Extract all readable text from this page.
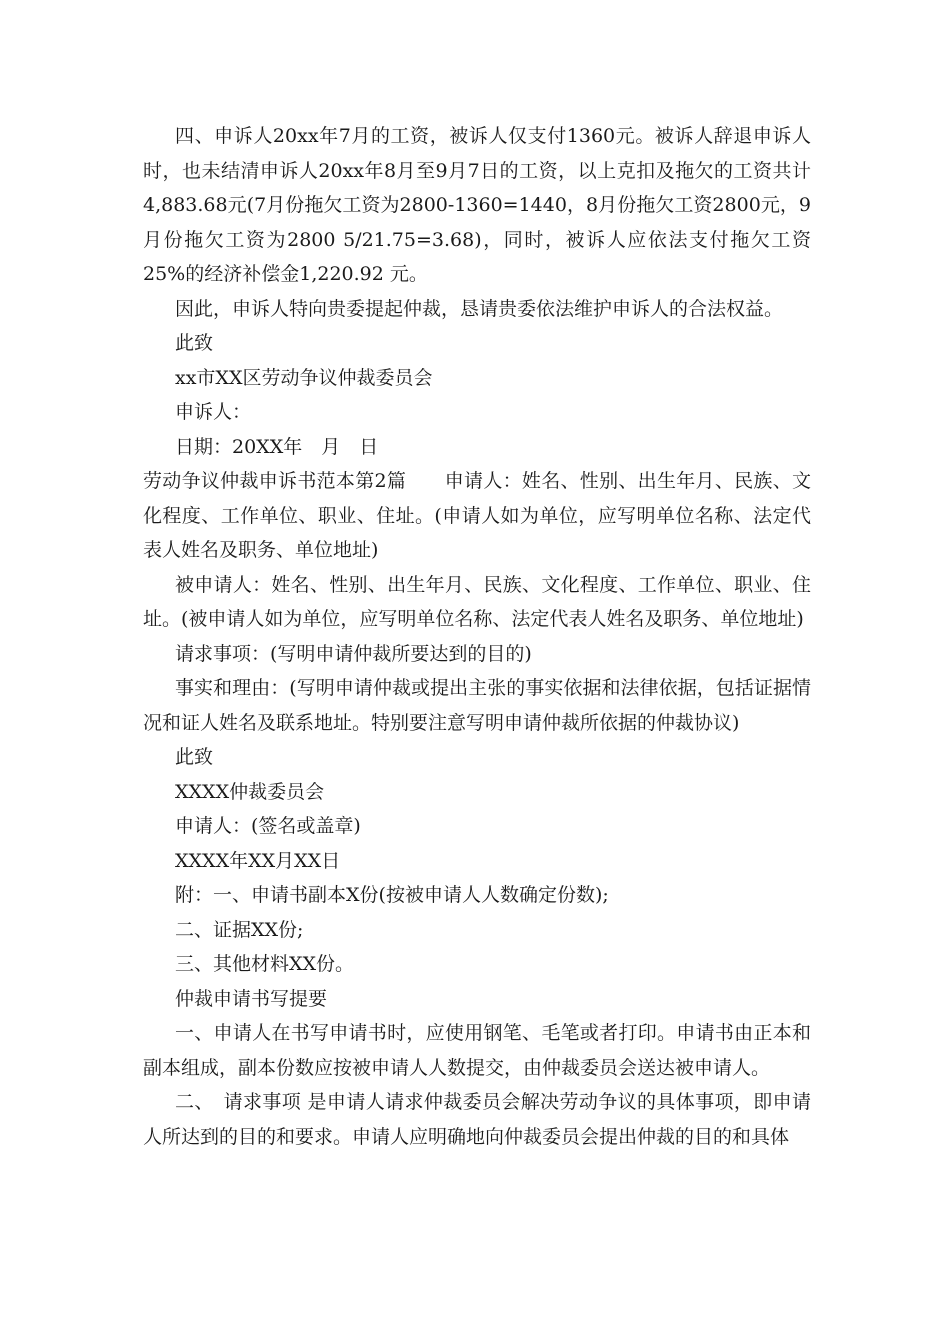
四、申诉人20xx年7月的工资，被诉人仅支付1360元。被诉人辞退申诉人时，也未结清申诉人20xx年8月至9月7日的工资，以上克扣及拖欠的工资共计4,883.68元(7月份拖欠工资为2800-1360=1440，8月份拖欠工资2800元，9月份拖欠工资为2800 5/21.75=3.68)，同时，被诉人应依法支付拖欠工资25%的经济补偿金1,220.92 元。

因此，申诉人特向贵委提起仲裁，恳请贵委依法维护申诉人的合法权益。

此致

xx市XX区劳动争议仲裁委员会

申诉人：

日期：20XX年　月　日

劳动争议仲裁申诉书范本第2篇　　申请人：姓名、性别、出生年月、民族、文化程度、工作单位、职业、住址。(申请人如为单位，应写明单位名称、法定代表人姓名及职务、单位地址)

被申请人：姓名、性别、出生年月、民族、文化程度、工作单位、职业、住址。(被申请人如为单位，应写明单位名称、法定代表人姓名及职务、单位地址)

请求事项：(写明申请仲裁所要达到的目的)

事实和理由：(写明申请仲裁或提出主张的事实依据和法律依据，包括证据情况和证人姓名及联系地址。特别要注意写明申请仲裁所依据的仲裁协议)

此致

XXXX仲裁委员会

申请人：(签名或盖章)

XXXX年XX月XX日

附：一、申请书副本X份(按被申请人人数确定份数);

二、证据XX份;

三、其他材料XX份。

仲裁申请书写提要

一、申请人在书写申请书时，应使用钢笔、毛笔或者打印。申请书由正本和副本组成，副本份数应按被申请人人数提交，由仲裁委员会送达被申请人。

二、　请求事项 是申请人请求仲裁委员会解决劳动争议的具体事项，即申请人所达到的目的和要求。申请人应明确地向仲裁委员会提出仲裁的目的和具体
